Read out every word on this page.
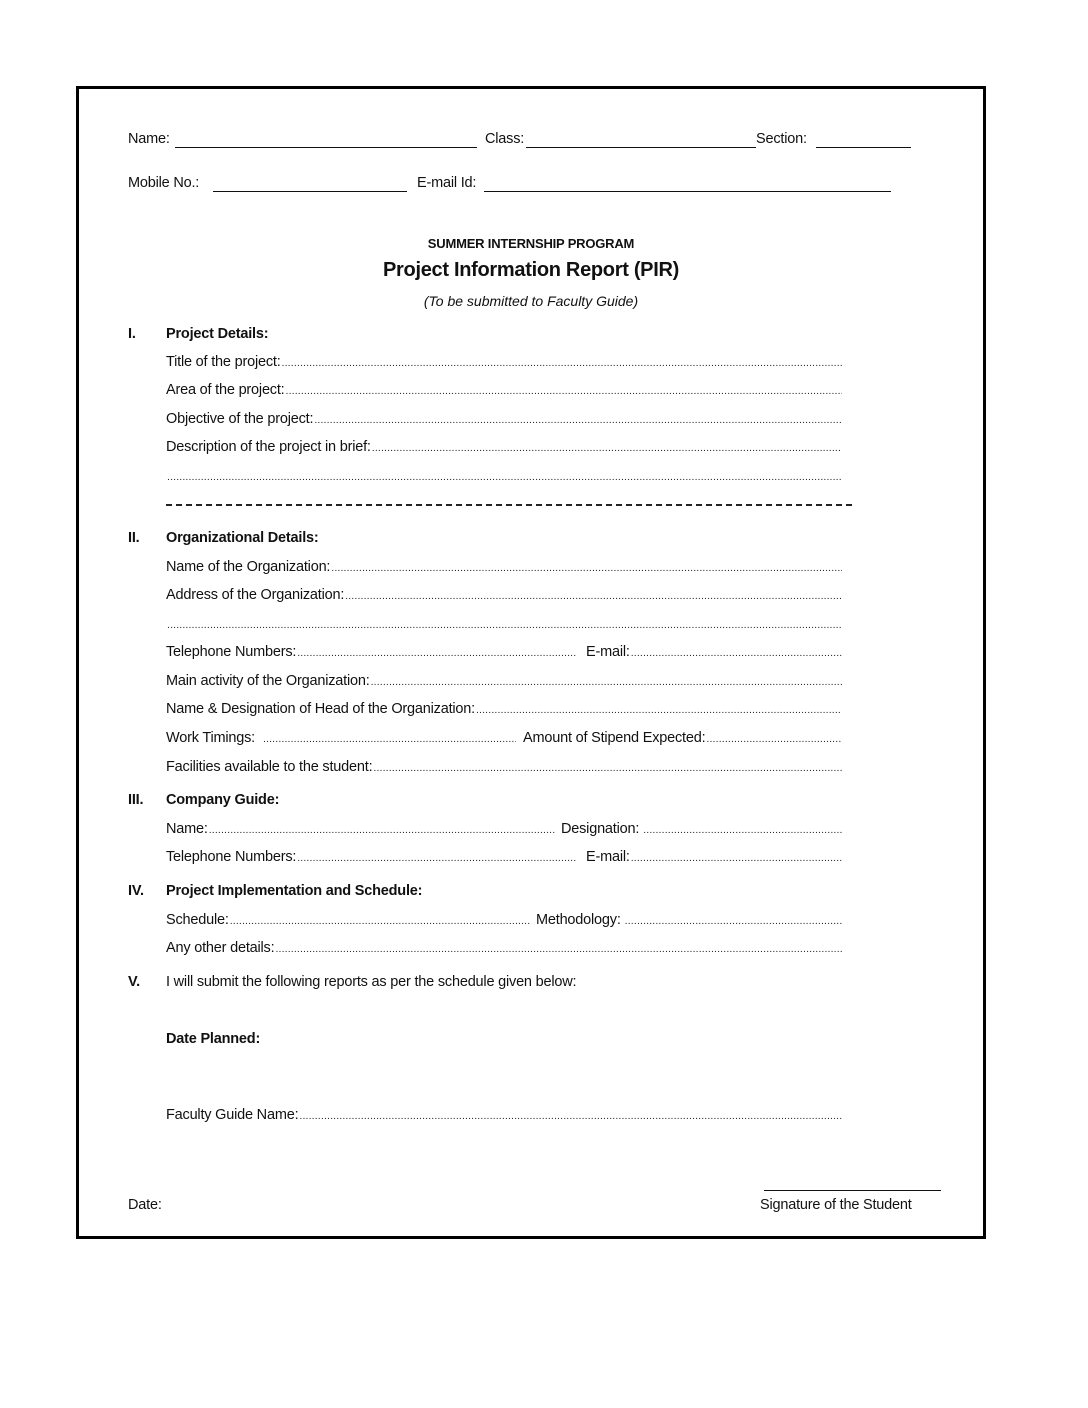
Name:	Class:	Section:
Mobile No.:	E-mail Id:
SUMMER INTERNSHIP PROGRAM
Project Information Report (PIR)
(To be submitted to Faculty Guide)
I. Project Details:
Title of the project:
.....
Area of the project:
.....
Objective of the project:
.....
Description of the project in brief:
.....
.....
II. Organizational Details:
Name of the Organization:
.....
Address of the Organization:
.....
.....
Telephone Numbers: .....	E-mail:
.....
Main activity of the Organization:
.....
Name & Designation of Head of the Organization:
.....
Work Timings: .....	Amount of Stipend Expected:
.....
Facilities available to the student:
.....
III. Company Guide:
Name: .....	Designation:
.....
Telephone Numbers: .....	E-mail:
.....
IV. Project Implementation and Schedule:
Schedule: .....	Methodology:
.....
Any other details:
.....
V. I will submit the following reports as per the schedule given below:
Date Planned:
Faculty Guide Name:
.....
Date:	Signature of the Student
